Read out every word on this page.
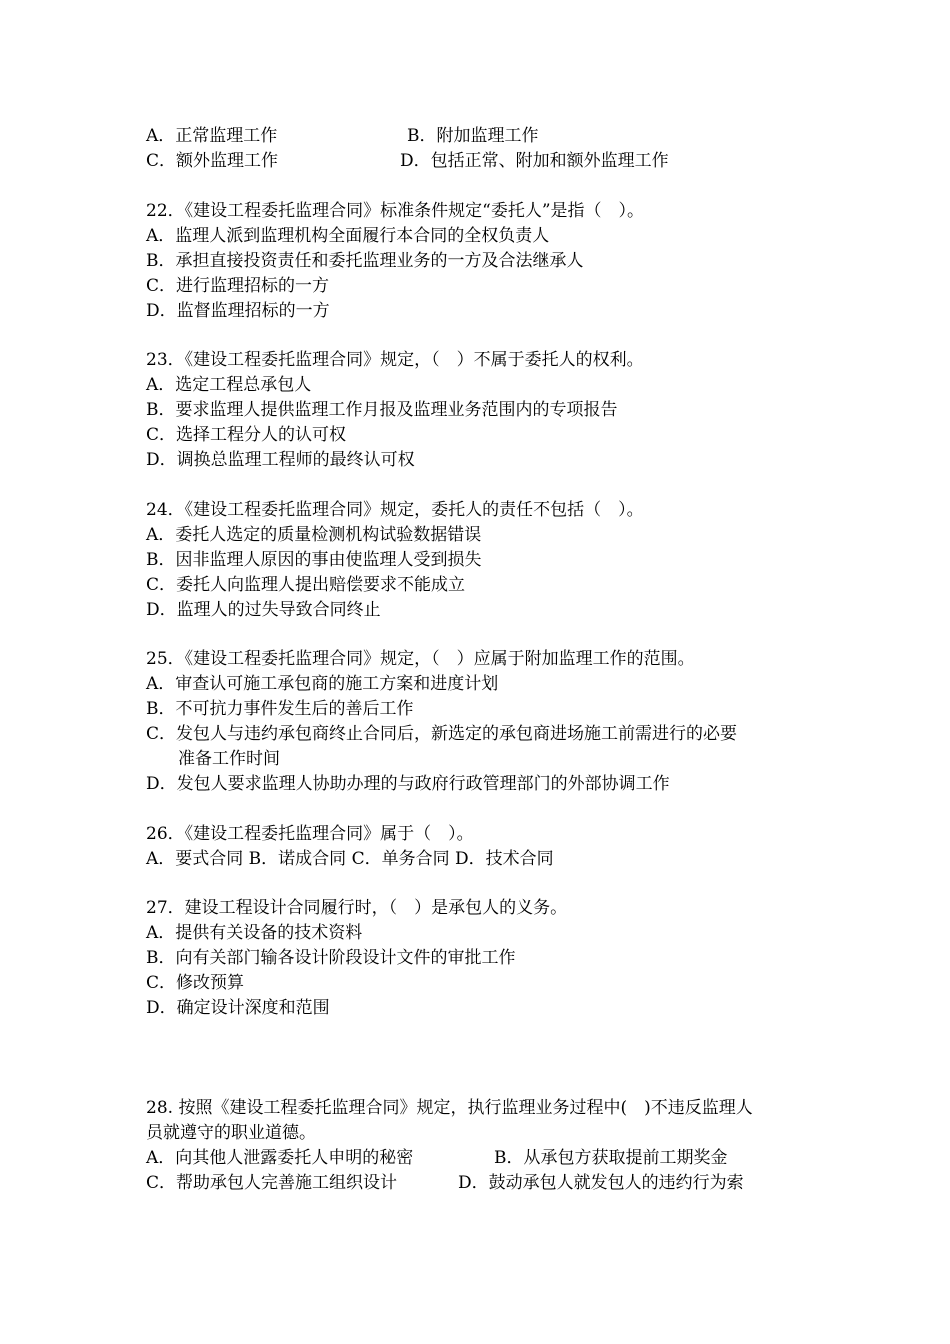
A．正常监理工作	B．附加监理工作
C．额外监理工作	D．包括正常、附加和额外监理工作
22．《建设工程委托监理合同》标准条件规定“委托人”是指（　）。
A．监理人派到监理机构全面履行本合同的全权负责人
B．承担直接投资责任和委托监理业务的一方及合法继承人
C．进行监理招标的一方
D．监督监理招标的一方
23．《建设工程委托监理合同》规定，（　）不属于委托人的权利。
A．选定工程总承包人
B．要求监理人提供监理工作月报及监理业务范围内的专项报告
C．选择工程分人的认可权
D．调换总监理工程师的最终认可权
24．《建设工程委托监理合同》规定，委托人的责任不包括（　）。
A．委托人选定的质量检测机构试验数据错误
B．因非监理人原因的事由使监理人受到损失
C．委托人向监理人提出赔偿要求不能成立
D．监理人的过失导致合同终止
25．《建设工程委托监理合同》规定，（　）应属于附加监理工作的范围。
A．审查认可施工承包商的施工方案和进度计划
B．不可抗力事件发生后的善后工作
C．发包人与违约承包商终止合同后，新选定的承包商进场施工前需进行的必要
准备工作时间
D．发包人要求监理人协助办理的与政府行政管理部门的外部协调工作
26．《建设工程委托监理合同》属于（　）。
A．要式合同 B．诺成合同 C．单务合同 D．技术合同
27．建设工程设计合同履行时，（　）是承包人的义务。
A．提供有关设备的技术资料
B．向有关部门输各设计阶段设计文件的审批工作
C．修改预算
D．确定设计深度和范围
28. 按照《建设工程委托监理合同》规定，执行监理业务过程中(　)不违反监理人
员就遵守的职业道德。
A．向其他人泄露委托人申明的秘密	B．从承包方获取提前工期奖金
C．帮助承包人完善施工组织设计	D．鼓动承包人就发包人的违约行为索
